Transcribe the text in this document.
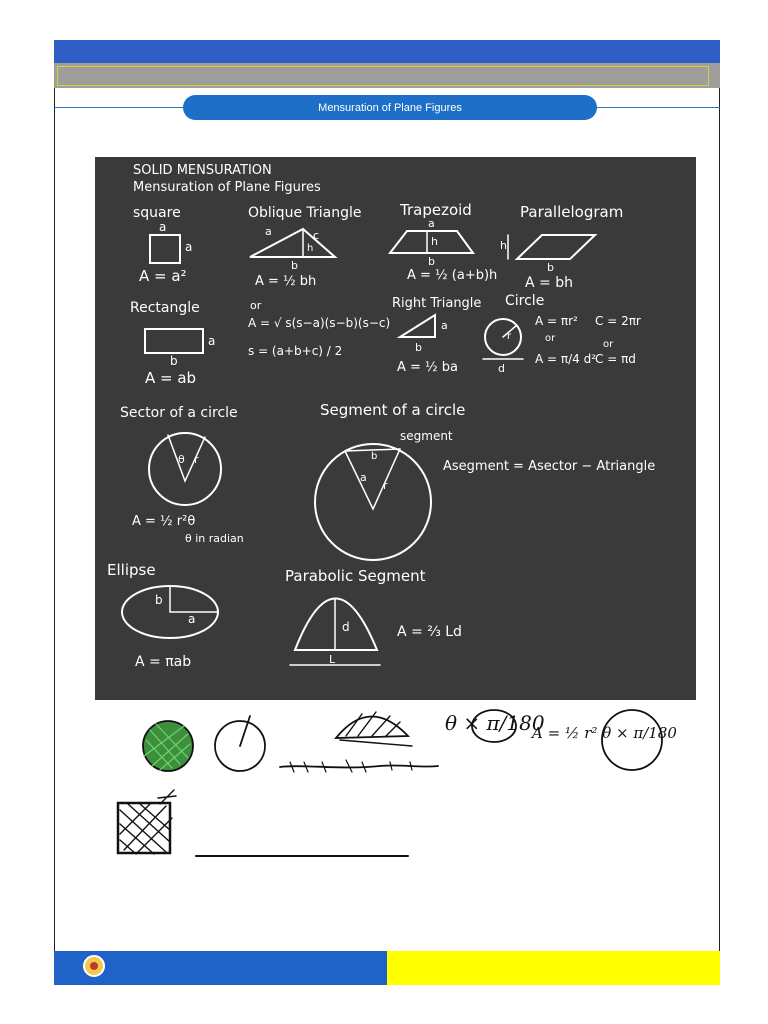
Mensuration of Plane Figures
SOLID MENSURATION
Mensuration of Plane Figures
square
a
a
A = a²
Oblique Triangle
a	c
h
b
A = ½ bh
or
A = √ s(s−a)(s−b)(s−c)
s = (a+b+c) / 2
Trapezoid
a
h
b
A = ½ (a+b)h
Parallelogram
h
b
A = bh
Rectangle
a
b
A = ab
Right Triangle
a
b
A = ½ ba
Circle
r
d
A = πr² C = 2πr
or
or
A = π/4 d²
C = πd
Sector of a circle
θ r
A = ½ r²θ
θ in radian
Segment of a circle
segment
b
a
r
Asegment = Asector − Atriangle
Ellipse
b
a
A = πab
Parabolic Segment
d
L
A = ⅔ Ld
θ × π/180
A = ½ r² θ × π/180
